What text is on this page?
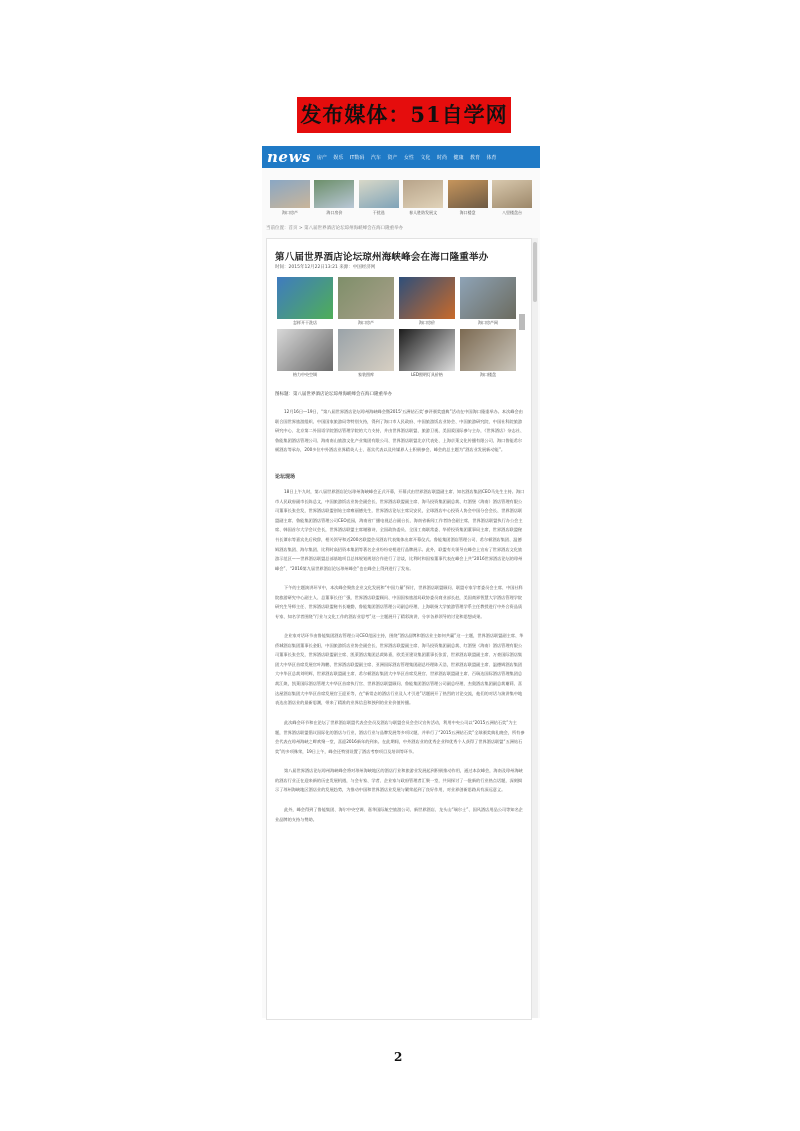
发布媒体：51自学网
news 房产 娱乐 IT数码 汽车 资产 女性 文化 时尚 健康 教育 体育
海口房产	海口房价	干扰选	春人胜防发展文	海口楼盘	八里楼盘台
当前位置：首页 > 第八届世界酒店论坛琼州海峡峰会在海口隆重举办
第八届世界酒店论坛琼州海峡峰会在海口隆重举办
时间：2015年12月22日13:21 来源：中国经济网
怎样开干洗店	海口房产	海口房价	海口房产网
格力中央空调	家装图库	LED照明灯具价格	海口楼盘
图标题：第八届世界酒店论坛琼州海峡峰会在海口隆重举办
12月16日—19日，“第八届世界酒店论坛琼州海峡峰会暨2015‘五洲钻石奖’参评颁奖盛典”活动在中国海口隆重举办。本次峰会由联合国世界旅游组织、中国国家旅游局等特别支持，得到了海口市人民政府、中国旅游饭店业协会、中国旅游研究院、中国社科院旅游研究中心、北京第二外国语学院酒店管理学院的大力支持，并由世界酒店联盟、旅游卫视、美国爱国际参与主办，《世界酒店》杂志社、鲁能集团酒店管理公司、海南南山旅游文化产业集团有限公司、世界酒店联盟北京代表处、上海京莱文化传播有限公司、海口鲁能希尔顿酒店等承办，200多位中外酒店业界精英人士、嘉宾代表以及传媒界人士积极参会，峰会的总主题为“酒店业发展新动能”。
论坛现场
18日上午九时，第八届世界酒店论坛琼州海峡峰会正式开幕，开幕式由世界酒店联盟副主席、知名酒店集团CEO马先生主持。海口市人民政府副市长陈总文，中国旅游饭店业协会副会长、世界酒店联盟副主席、海马投资集团副总裁、红酒堡（海南）酒店管理有限公司董事长张会发，世界酒店联盟创始主席雍丽德先生，世界酒店论坛主席吴安民，全球酒店中心投资人协会中国分会会长、世界酒店联盟副主席、鲁能集团酒店管理公司CEO范园，海南省广播电视总台副台长、海南省新闻工作者协会副主席，世界酒店联盟执行办公会主席、韩国首尔大学会议会长，世界酒店联盟主席谢雅诗，全国政协委员、全国工商联常委、华侨投资集团董事局主席，世界酒店联盟秘书长谭东等嘉宾先后致辞，相关领导和近200名联盟会员酒店代表集体出席开幕仪式。鲁能集团酒店管理公司、希尔顿酒店集团、温德姆酒店集团、海尔集团、比利时高招资本集团等著名企业纷纷亮相进行品牌展示。此外，联盟有关领导在峰会上宣布了世界酒店文化旅游示范区——世界酒店联盟总部基地项目总体规划规划合作进行了洽谈，比利时和国家董事代表在峰会上共“2016世界酒店论坛的琼州峰会”、“2016第九届世界酒店论坛琼州峰会”也在峰会上得到进行了发布。
下午的主题演讲环节中，本次峰会聚焦企业文化发展和“中国力量”探讨，世界酒店联盟顾问、联盟专家学者委员会主席、中国社科院旅游研究中心副主人、总董事长任广强，世界酒店联盟顾问、中国国家旅游局政协委员商业部长赵，美国商界智慧大学酒店管理学院研究生导师主任、世界酒店联盟秘书长谢勤，鲁能集团酒店管理公司副总经理、上海联扬大学旅游管理学系主任教授进行中外合资品质专家、知名学者围绕“行业与文化工作的酒店业思考”这一主题展开了精彩演讲，分享各界领导的讨论和思想成果。
企业家对话环节由鲁能集团酒店管理公司CEO范园主持，围绕“酒店品牌和酒店业主如何共赢”这一主题，世界酒店联盟副主席、华侨城酒店集团董事长金阳，中国旅游饭店业协会副会长、世界酒店联盟副主席、海马投资集团副总裁、红酒堡（海南）酒店管理有限公司董事长张会发，世界酒店联盟副主席、凯莱酒店集团总裁陈嘉，欧美亚建设集团董事长张雷，世界酒店联盟副主席、万豪国际酒店集团大中华区首席发展官叶海鹏，世界酒店联盟副主席、亚洲国际酒店管理集团副总经理陈天浩，世界酒店联盟副主席、温德姆酒店集团大中华区总裁刘明辉，世界酒店联盟副主席、希尔顿酒店集团大中华区首席发展官、世界酒店联盟副主席、百瑞达国际酒店管理集团总裁江焕，凯莱国际酒店管理大中华区首席执行官、世界酒店联盟顾问、鲁能集团酒店管理公司副总经理、杰奥酒店集团副总裁谢莉、喜达屋酒店集团大中华区首席发展官王迎亚等，在“新常态的酒店行业及人才引进”话题展开了热烈的讨论交流，他们的对话与演讲集中地表达出酒店业的最新思潮，带来了精准的业界信息和独到的业业价值传播。
此次峰会环节和在论坛了世界酒店联盟代表会会员及酒店与联盟会员会会议宣传活动，利用中央公司以“2015五洲钻石奖”为主题，世界酒店联盟倡议国际化的酒店与行业，酒店行业与品牌发展等多项议题，并举行了“2015五洲钻石奖”全球颁奖典礼晚会，所有参会代表在琼州海峡之畔欢聚一堂，喜迎2016新年的到来。在此期间，中外酒店业的优秀企业和优秀个人获得了世界酒店联盟“五洲钻石奖”的多项殊荣，19日上午，峰会还特别设置了酒店考察项目及培训等环节。
第八届世界酒店论坛琼州海峡峰会将对琼州海峡地区的酒店行业和旅游业发展起到积极推动作用，通过本次峰会，海南及琼州海峡的酒店行业正在迎来新的历史发展机遇，与会专家、学者、企业家与政府管理者汇聚一堂，共同探讨了一批新的行业热点话题，深刻揭示了琼州海峡地区酒店业的发展趋势，为推动中国和世界酒店业发展与繁荣起到了良好作用，对业界创新思路具有深远意义。
此外，峰会得到了鲁能集团、海尔中央空调、嘉华国际航空旅游公司、新世界酒店、龙头山“瑞尔士”、国风酒店用品公司等知名企业品牌的支持与赞助。
2
